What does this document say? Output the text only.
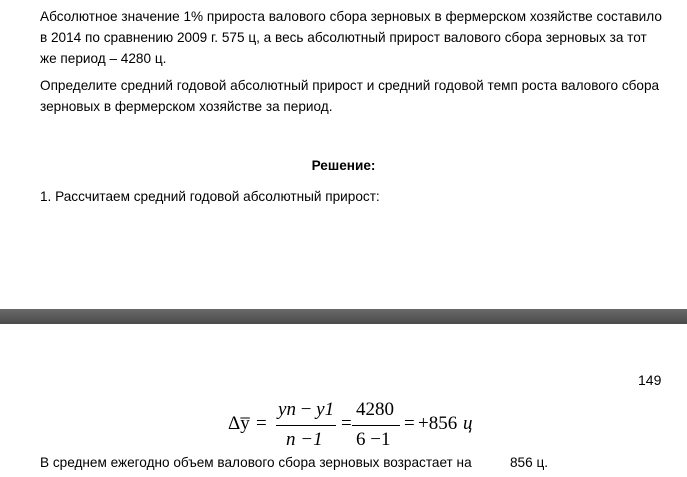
Абсолютное значение 1% прироста валового сбора зерновых в фермерском хозяйстве составило в 2014 по сравнению 2009 г. 575 ц, а весь абсолютный прирост валового сбора зерновых за тот же период – 4280 ц.
Определите средний годовой абсолютный прирост и средний годовой темп роста валового сбора зерновых в фермерском хозяйстве за период.
Решение:
1. Рассчитаем средний годовой абсолютный прирост:
149
Δy̅ =
yn − y1
n −1
=
4280
6 −1
= +856 ц
В среднем ежегодно объем валового сбора зерновых возрастает на	856 ц.
